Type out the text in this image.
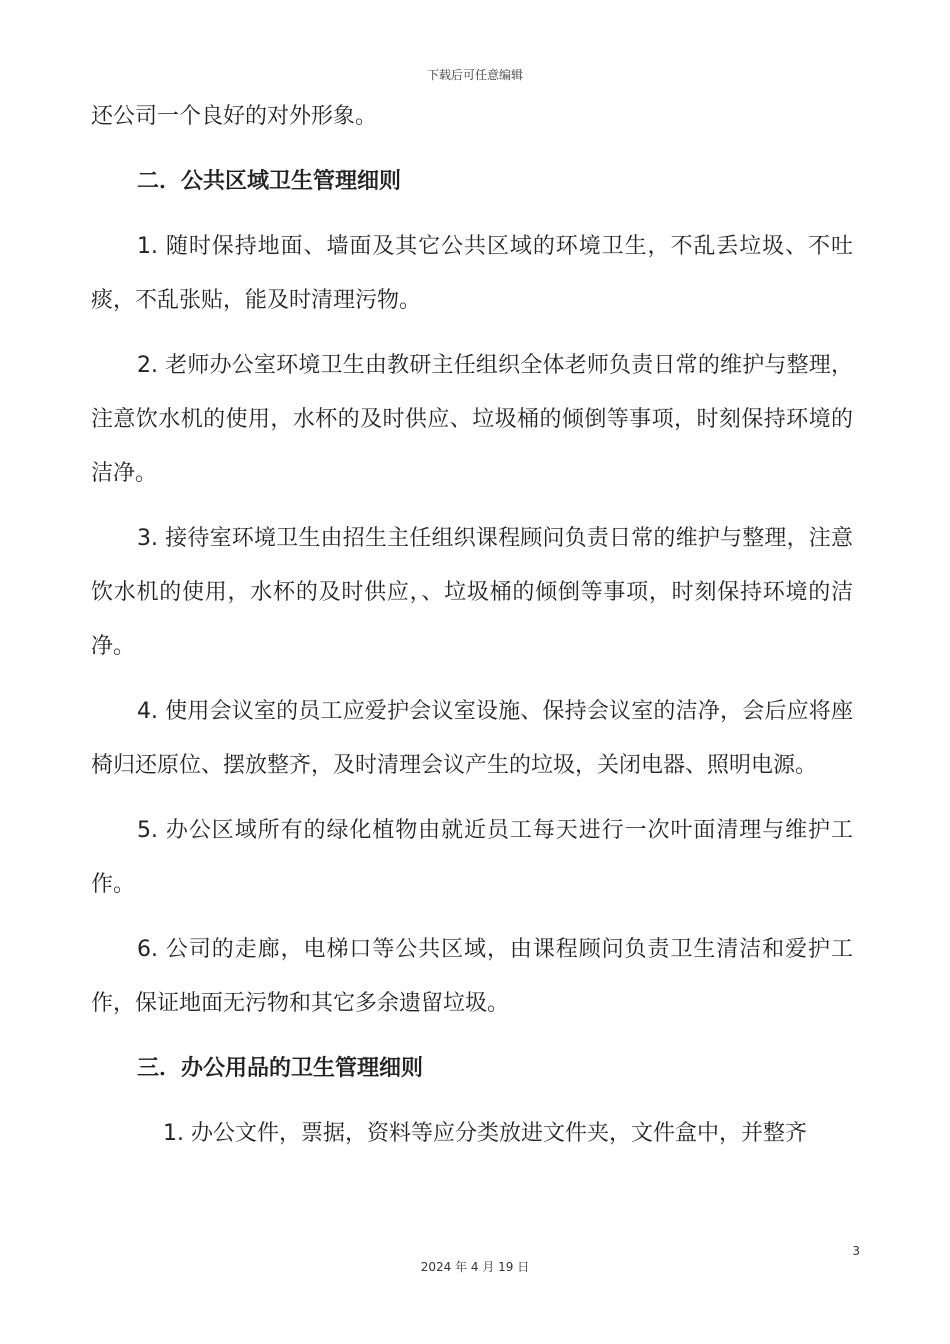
下载后可任意编辑

还公司一个良好的对外形象。

二．公共区域卫生管理细则

1. 随时保持地面、墙面及其它公共区域的环境卫生，不乱丢垃圾、不吐痰，不乱张贴，能及时清理污物。

2. 老师办公室环境卫生由教研主任组织全体老师负责日常的维护与整理，注意饮水机的使用，水杯的及时供应、垃圾桶的倾倒等事项，时刻保持环境的洁净。

3. 接待室环境卫生由招生主任组织课程顾问负责日常的维护与整理，注意饮水机的使用，水杯的及时供应，、垃圾桶的倾倒等事项，时刻保持环境的洁净。

4. 使用会议室的员工应爱护会议室设施、保持会议室的洁净，会后应将座椅归还原位、摆放整齐，及时清理会议产生的垃圾，关闭电器、照明电源。

5. 办公区域所有的绿化植物由就近员工每天进行一次叶面清理与维护工作。

6. 公司的走廊，电梯口等公共区域，由课程顾问负责卫生清洁和爱护工作，保证地面无污物和其它多余遗留垃圾。

三．办公用品的卫生管理细则

1. 办公文件，票据，资料等应分类放进文件夹，文件盒中，并整齐

3
2024 年 4 月 19 日
